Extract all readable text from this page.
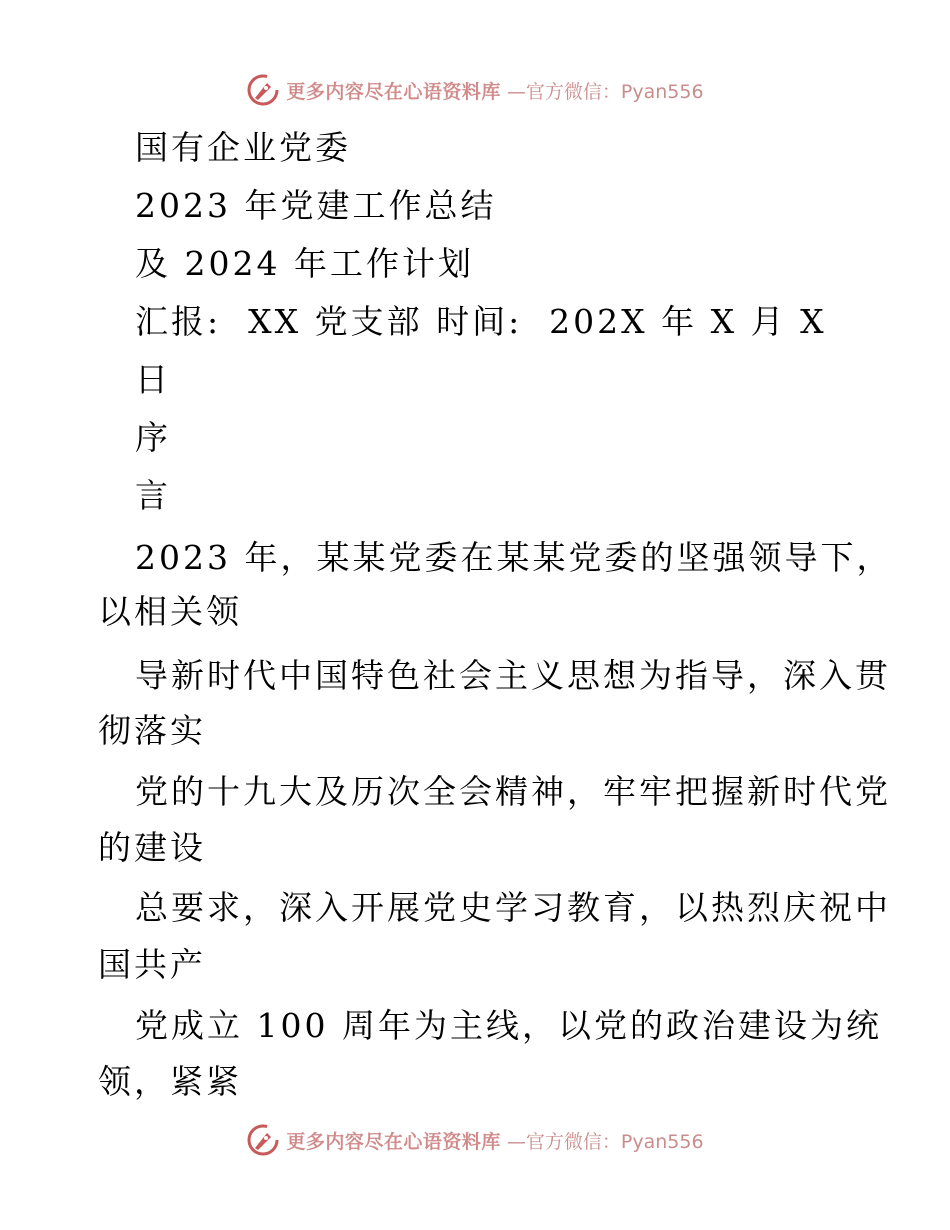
更多内容尽在心语资料库 —官方微信：Pyan556
国有企业党委
2023 年党建工作总结
及 2024 年工作计划
汇报:  XX 党支部 时间:  202X 年 X 月 X
日
序
言
2023 年，某某党委在某某党委的坚强领导下，
以相关领
导新时代中国特色社会主义思想为指导，深入贯
彻落实
党的十九大及历次全会精神，牢牢把握新时代党
的建设
总要求，深入开展党史学习教育，以热烈庆祝中
国共产
党成立 100 周年为主线，以党的政治建设为统
领，紧紧
更多内容尽在心语资料库 —官方微信：Pyan556
